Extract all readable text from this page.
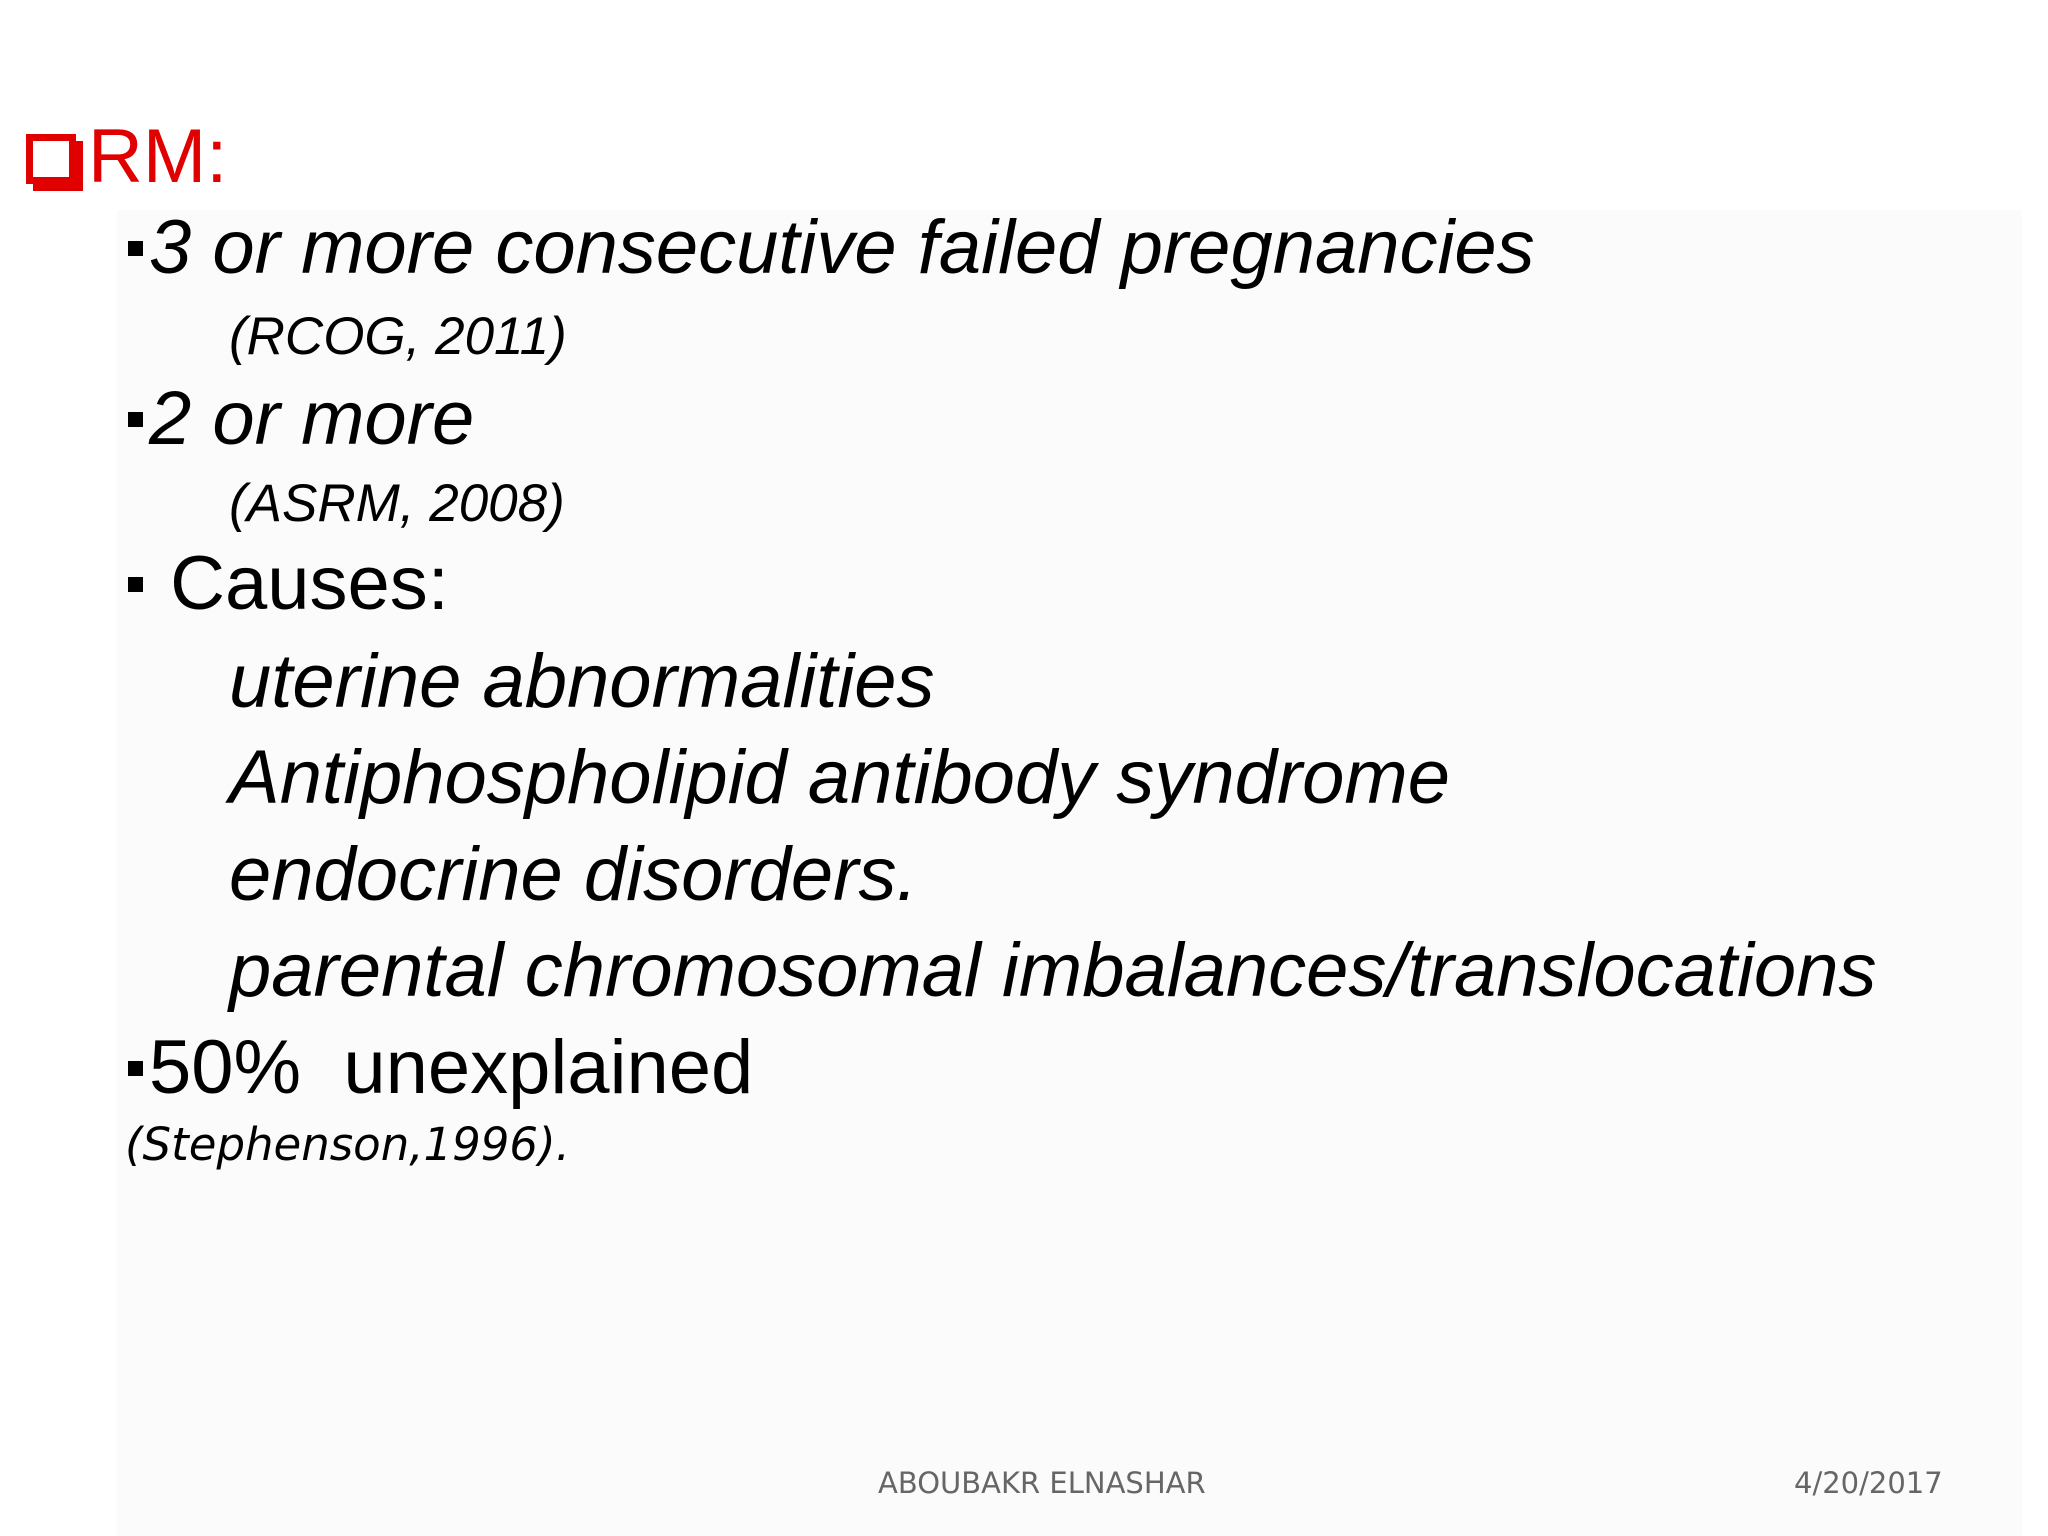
RM:
3 or more consecutive failed pregnancies
(RCOG, 2011)
2 or more
(ASRM, 2008)
Causes:
uterine abnormalities
Antiphospholipid antibody syndrome
endocrine disorders.
parental chromosomal imbalances/translocations
50%  unexplained
(Stephenson,1996).
ABOUBAKR ELNASHAR	4/20/2017
